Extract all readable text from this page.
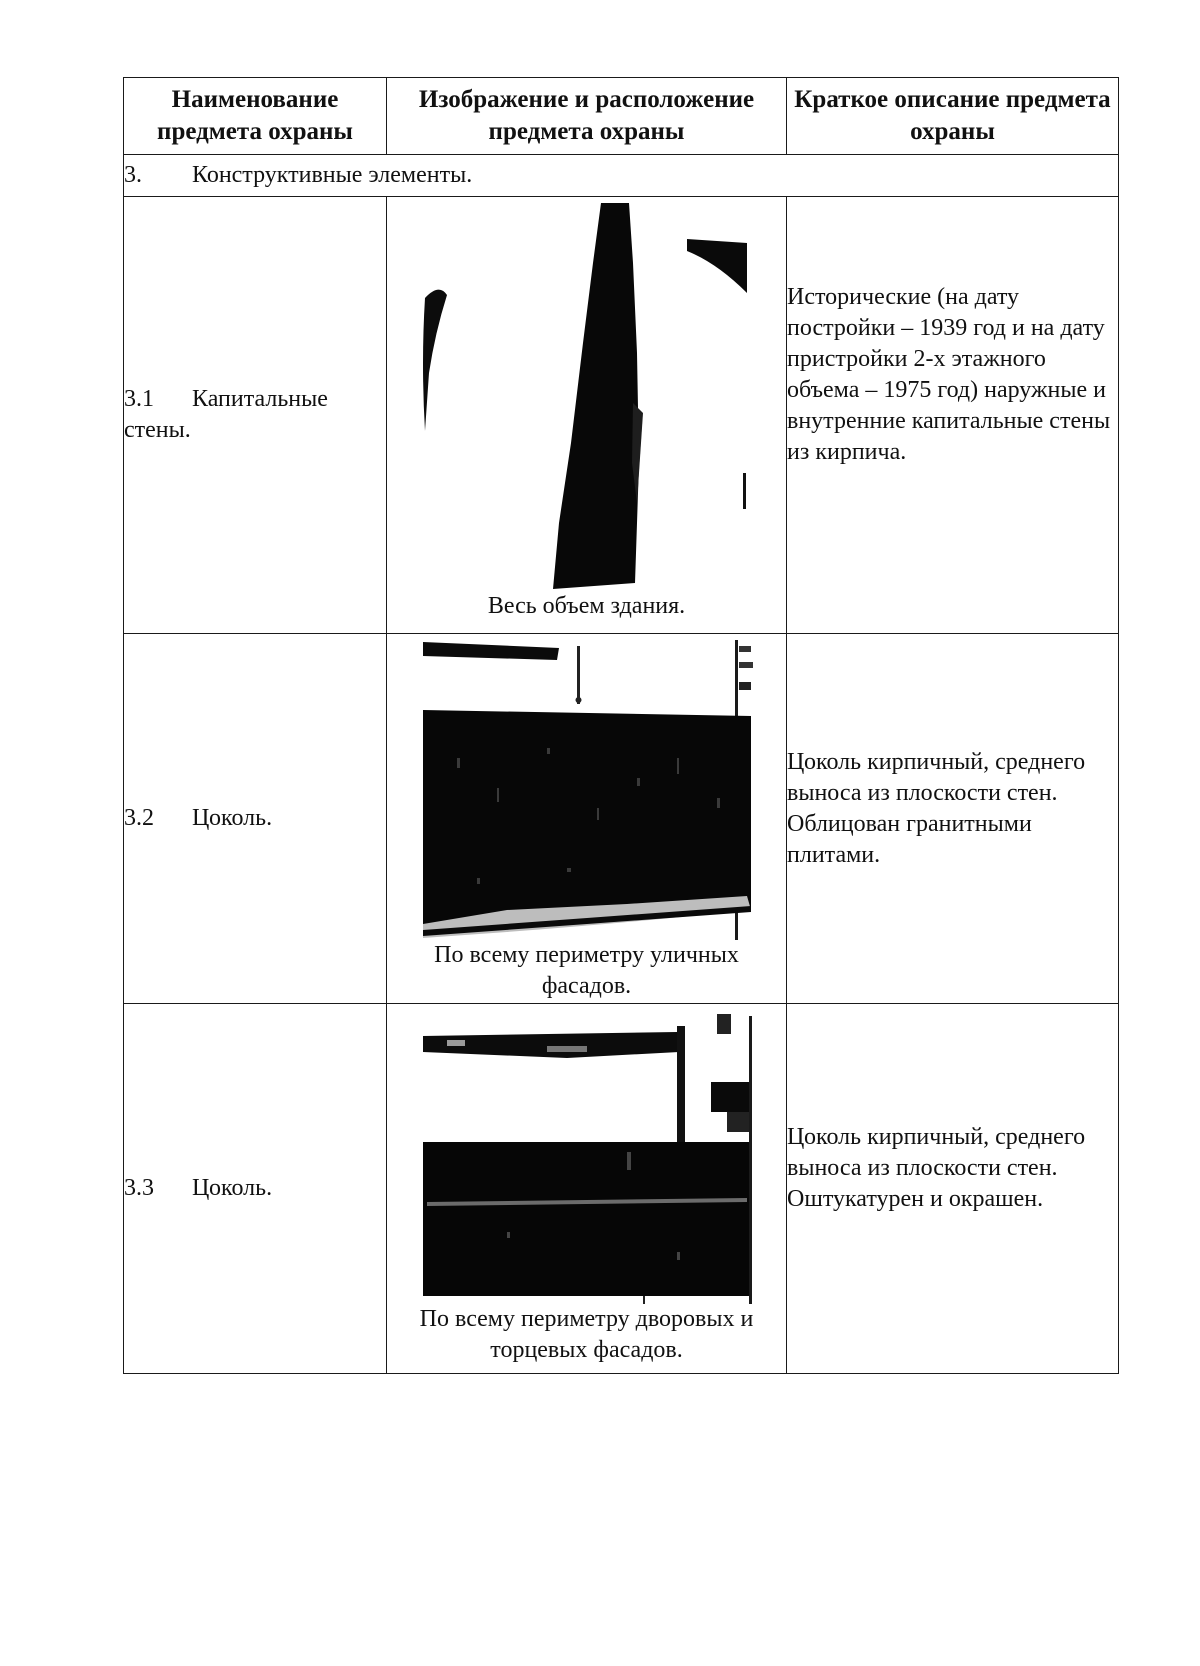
Наименование предмета охраны	Изображение и расположение предмета охраны	Краткое описание предмета охраны
3. Конструктивные элементы.		
3.1 Капитальные стены.	Весь объем здания.	Исторические (на дату постройки – 1939 год и на дату пристройки 2-х этажного объема – 1975 год) наружные и внутренние капитальные стены из кирпича.
3.2 Цоколь.	По всему периметру уличных фасадов.	Цоколь кирпичный, среднего выноса из плоскости стен. Облицован гранитными плитами.
3.3 Цоколь.	По всему периметру дворовых и торцевых фасадов.	Цоколь кирпичный, среднего выноса из плоскости стен. Оштукатурен и окрашен.
